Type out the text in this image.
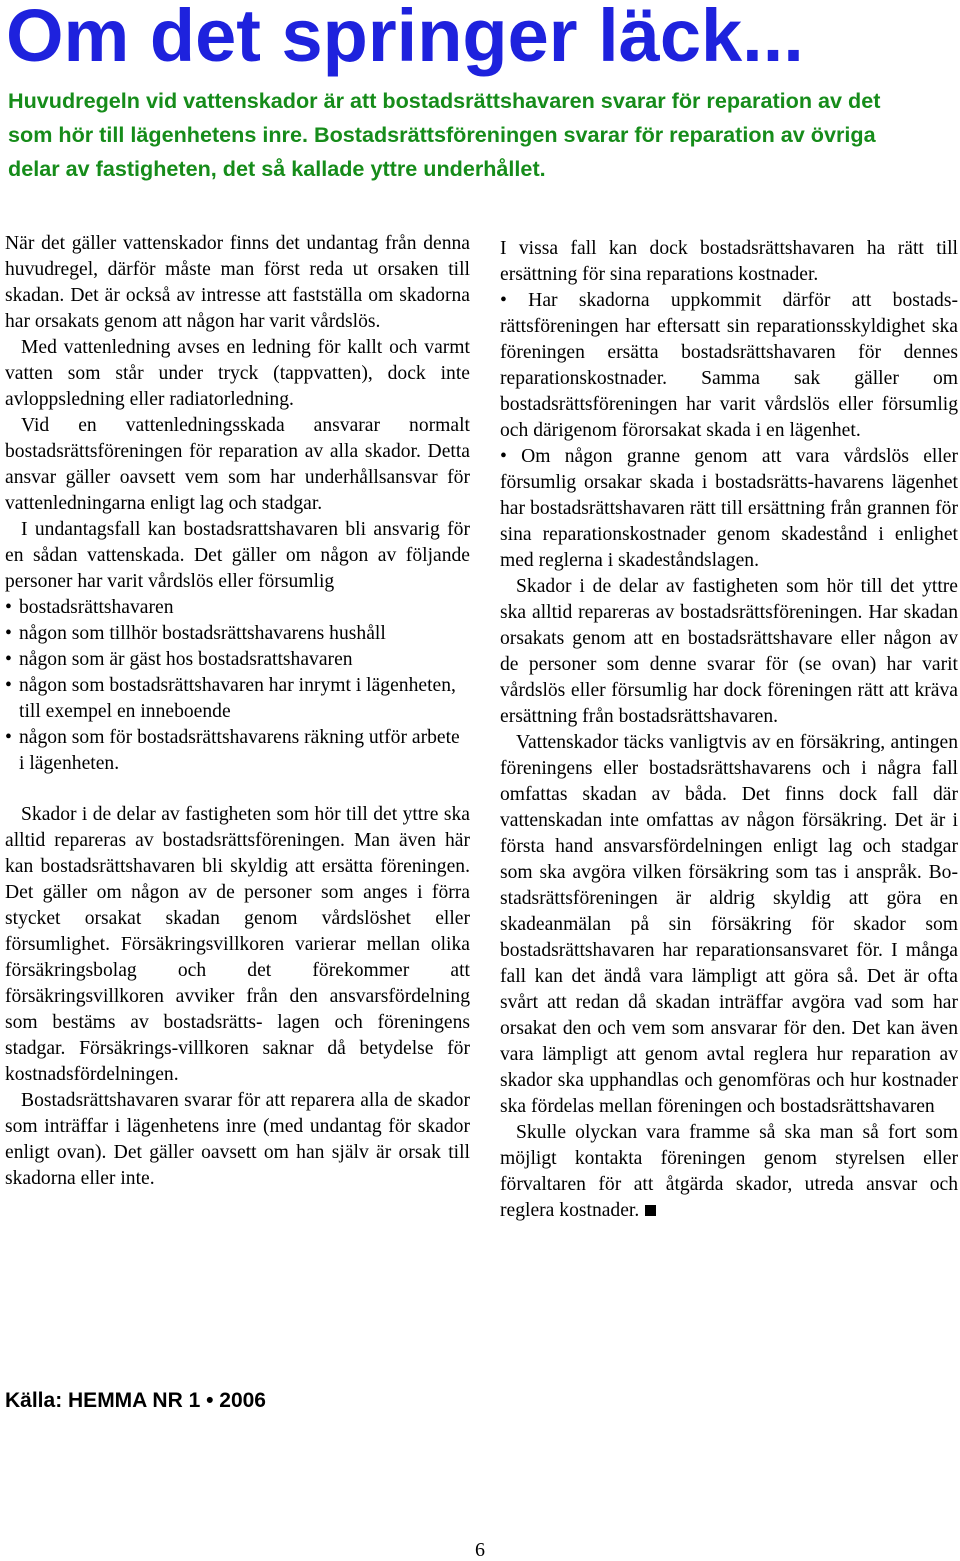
Om det springer läck...
Huvudregeln vid vattenskador är att bostadsrättshavaren svarar för reparation av det
som hör till lägenhetens inre. Bostadsrättsföreningen svarar för reparation av övriga
delar av fastigheten, det så kallade yttre underhållet.

När det gäller vattenskador finns det undantag från denna huvudregel, därför måste man först reda ut orsaken till skadan. Det är också av intresse att fastställa om skadorna har orsakats genom att någon har varit vårdslös.

Med vattenledning avses en ledning för kallt och varmt vatten som står under tryck (tappvatten), dock inte avloppsledning eller radiatorledning.

Vid en vattenledningsskada ansvarar normalt bostadsrättsföreningen för reparation av alla skador. Detta ansvar gäller oavsett vem som har underhållsansvar för vattenledningarna enligt lag och stadgar.

I undantagsfall kan bostadsrattshavaren bli ansvarig för en sådan vattenskada. Det gäller om någon av följande personer har varit vårdslös eller försumlig

• bostadsrättshavaren
• någon som tillhör bostadsrättshavarens hushåll
• någon som är gäst hos bostadsrattshavaren
• någon som bostadsrättshavaren har inrymt i lägenheten, till exempel en inneboende
• någon som för bostadsrättshavarens räkning utför arbete i lägenheten.

Skador i de delar av fastigheten som hör till det yttre ska alltid repareras av bostadsrättsföreningen. Man även här kan bostadsrättshavaren bli skyldig att ersätta föreningen. Det gäller om någon av de personer som anges i förra stycket orsakat skadan genom vårdslöshet eller försumlighet. Försäkringsvillkoren varierar mellan olika försäkringsbolag och det förekommer att försäkringsvillkoren avviker från den ansvarsfördelning som bestäms av bostadsrätts- lagen och föreningens stadgar. Försäkrings-villkoren saknar då betydelse för kostnadsfördelningen.

Bostadsrättshavaren svarar för att reparera alla de skador som inträffar i lägenhetens inre (med undantag för skador enligt ovan). Det gäller oavsett om han själv är orsak till skadorna eller inte.

Källa: HEMMA NR 1 • 2006

I vissa fall kan dock bostadsrättshavaren ha rätt till ersättning för sina reparations kostnader.

• Har skadorna uppkommit därför att bostadsrättsföreningen har eftersatt sin reparationsskyldighet ska föreningen ersätta bostadsrättshavaren för dennes reparationskostnader. Samma sak gäller om bostadsrättsföreningen har varit vårdslös eller försumlig och därigenom förorsakat skada i en lägenhet.

• Om någon granne genom att vara vårdslös eller försumlig orsakar skada i bostadsrätts-havarens lägenhet har bostadsrättshavaren rätt till ersättning från grannen för sina reparationskostnader genom skadestånd i enlighet med reglerna i skadeståndslagen.

Skador i de delar av fastigheten som hör till det yttre ska alltid repareras av bostadsrättsföreningen. Har skadan orsakats genom att en bostadsrättshavare eller någon av de personer som denne svarar för (se ovan) har varit vårdslös eller försumlig har dock föreningen rätt att kräva ersättning från bostadsrättshavaren.

Vattenskador täcks vanligtvis av en försäkring, antingen föreningens eller bostadsrättshavarens och i några fall omfattas skadan av båda. Det finns dock fall där vattenskadan inte omfattas av någon försäkring. Det är i första hand ansvarsfördelningen enligt lag och stadgar som ska avgöra vilken försäkring som tas i anspråk. Bostadsrättsföreningen är aldrig skyldig att göra en skadeanmälan på sin försäkring för skador som bostadsrättshavaren har reparationsansvaret för. I många fall kan det ändå vara lämpligt att göra så. Det är ofta svårt att redan då skadan inträffar avgöra vad som har orsakat den och vem som ansvarar för den. Det kan även vara lämpligt att genom avtal reglera hur reparation av skador ska upphandlas och genomföras och hur kostnader ska fördelas mellan föreningen och bostadsrättshavaren

Skulle olyckan vara framme så ska man så fort som möjligt kontakta föreningen genom styrelsen eller förvaltaren för att åtgärda skador, utreda ansvar och reglera kostnader.

6
